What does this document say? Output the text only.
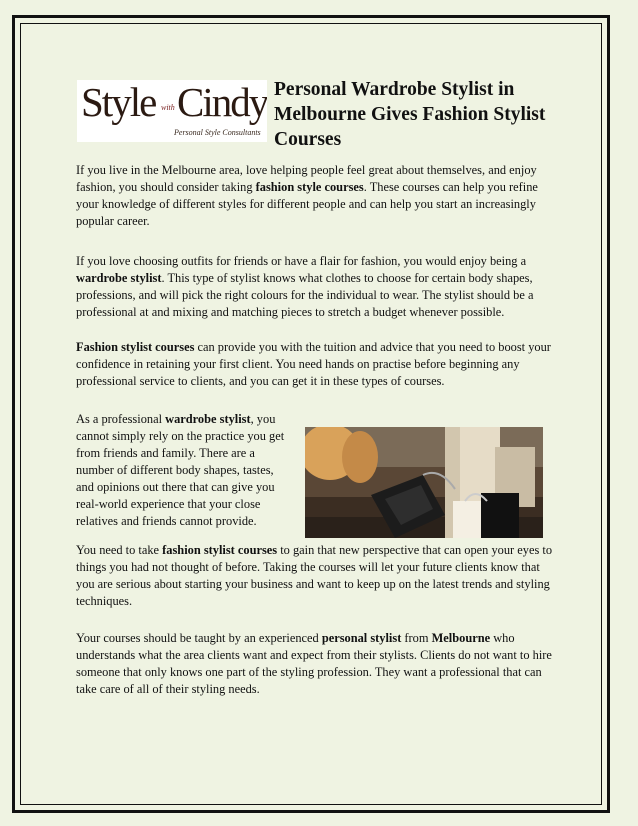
Style with Cindy
Personal Style Consultants
Personal Wardrobe Stylist in Melbourne Gives Fashion Stylist Courses

If you live in the Melbourne area, love helping people feel great about themselves, and enjoy fashion, you should consider taking fashion style courses. These courses can help you refine your knowledge of different styles for different people and can help you start an increasingly popular career.

If you love choosing outfits for friends or have a flair for fashion, you would enjoy being a wardrobe stylist. This type of stylist knows what clothes to choose for certain body shapes, professions, and will pick the right colours for the individual to wear. The stylist should be a professional at and mixing and matching pieces to stretch a budget whenever possible.

Fashion stylist courses can provide you with the tuition and advice that you need to boost your confidence in retaining your first client. You need hands on practise before beginning any professional service to clients, and you can get it in these types of courses.

As a professional wardrobe stylist, you cannot simply rely on the practice you get from friends and family. There are a number of different body shapes, tastes, and opinions out there that can give you real-world experience that your close relatives and friends cannot provide.

You need to take fashion stylist courses to gain that new perspective that can open your eyes to things you had not thought of before. Taking the courses will let your future clients know that you are serious about starting your business and want to keep up on the latest trends and styling techniques.

Your courses should be taught by an experienced personal stylist from Melbourne who understands what the area clients want and expect from their stylists. Clients do not want to hire someone that only knows one part of the styling profession. They want a professional that can take care of all of their styling needs.
